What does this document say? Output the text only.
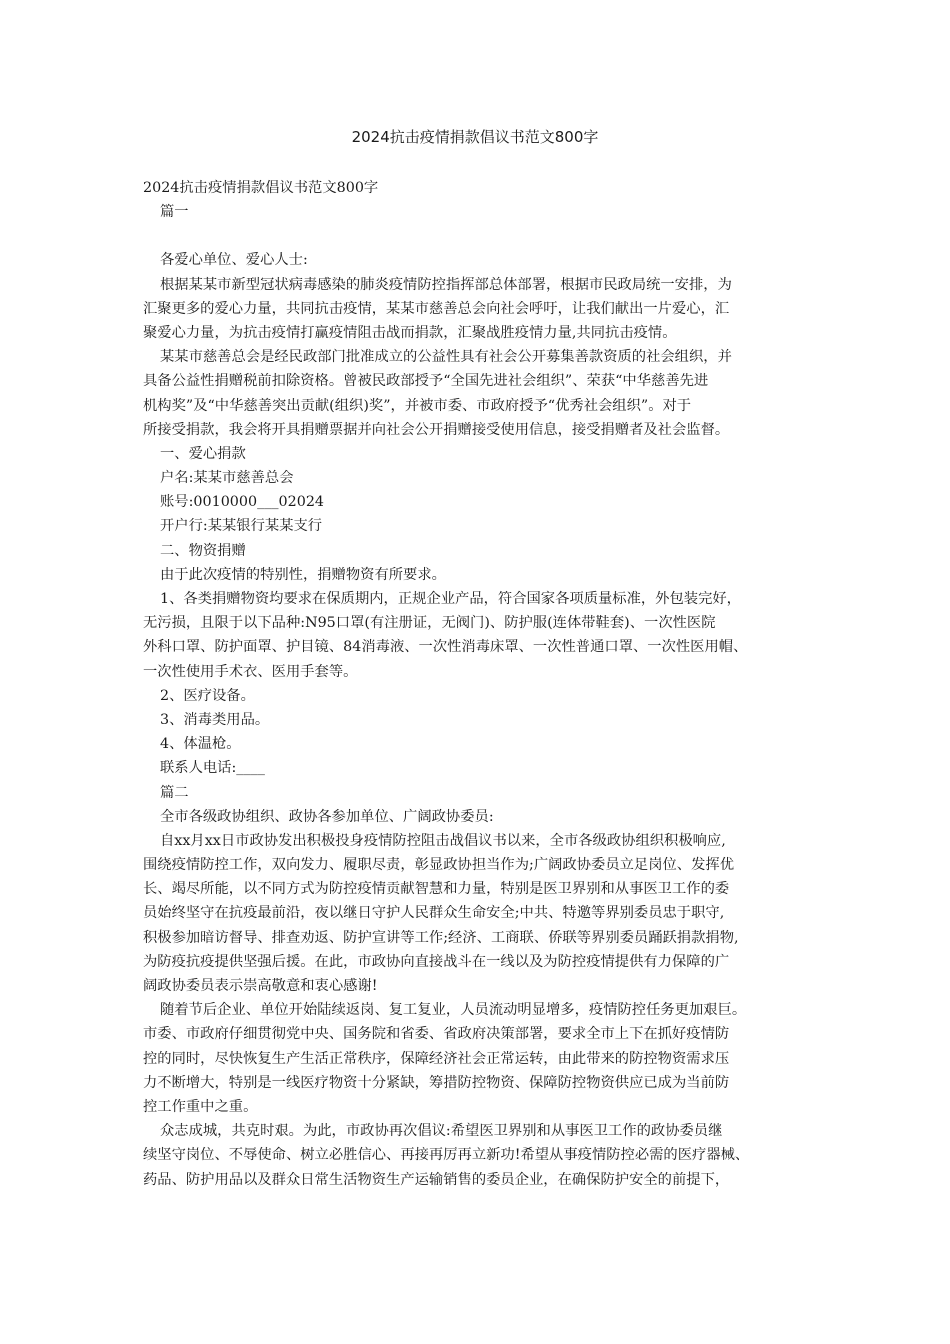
2024抗击疫情捐款倡议书范文800字
2024抗击疫情捐款倡议书范文800字
篇一
各爱心单位、爱心人士:
根据某某市新型冠状病毒感染的肺炎疫情防控指挥部总体部署，根据市民政局统一安排，为
汇聚更多的爱心力量，共同抗击疫情，某某市慈善总会向社会呼吁，让我们献出一片爱心，汇
聚爱心力量，为抗击疫情打赢疫情阻击战而捐款，汇聚战胜疫情力量,共同抗击疫情。
某某市慈善总会是经民政部门批准成立的公益性具有社会公开募集善款资质的社会组织，并
具备公益性捐赠税前扣除资格。曾被民政部授予“全国先进社会组织”、荣获“中华慈善先进
机构奖”及“中华慈善突出贡献(组织)奖”，并被市委、市政府授予“优秀社会组织”。对于
所接受捐款，我会将开具捐赠票据并向社会公开捐赠接受使用信息，接受捐赠者及社会监督。
一、爱心捐款
户名:某某市慈善总会
账号:0010000___02024
开户行:某某银行某某支行
二、物资捐赠
由于此次疫情的特别性，捐赠物资有所要求。
1、各类捐赠物资均要求在保质期内，正规企业产品，符合国家各项质量标准，外包装完好，
无污损，且限于以下品种:N95口罩(有注册证，无阀门)、防护服(连体带鞋套)、一次性医院
外科口罩、防护面罩、护目镜、84消毒液、一次性消毒床罩、一次性普通口罩、一次性医用帽、
一次性使用手术衣、医用手套等。
2、医疗设备。
3、消毒类用品。
4、体温枪。
联系人电话:____
篇二
全市各级政协组织、政协各参加单位、广阔政协委员:
自xx月xx日市政协发出积极投身疫情防控阻击战倡议书以来，全市各级政协组织积极响应,
围绕疫情防控工作，双向发力、履职尽责，彰显政协担当作为;广阔政协委员立足岗位、发挥优
长、竭尽所能，以不同方式为防控疫情贡献智慧和力量，特别是医卫界别和从事医卫工作的委
员始终坚守在抗疫最前沿，夜以继日守护人民群众生命安全;中共、特邀等界别委员忠于职守,
积极参加暗访督导、排查劝返、防护宣讲等工作;经济、工商联、侨联等界别委员踊跃捐款捐物,
为防疫抗疫提供坚强后援。在此，市政协向直接战斗在一线以及为防控疫情提供有力保障的广
阔政协委员表示崇高敬意和衷心感谢!
随着节后企业、单位开始陆续返岗、复工复业，人员流动明显增多，疫情防控任务更加艰巨。
市委、市政府仔细贯彻党中央、国务院和省委、省政府决策部署，要求全市上下在抓好疫情防
控的同时，尽快恢复生产生活正常秩序，保障经济社会正常运转，由此带来的防控物资需求压
力不断增大，特别是一线医疗物资十分紧缺，筹措防控物资、保障防控物资供应已成为当前防
控工作重中之重。
众志成城，共克时艰。为此，市政协再次倡议:希望医卫界别和从事医卫工作的政协委员继
续坚守岗位、不辱使命、树立必胜信心、再接再厉再立新功!希望从事疫情防控必需的医疗器械、
药品、防护用品以及群众日常生活物资生产运输销售的委员企业，在确保防护安全的前提下，
